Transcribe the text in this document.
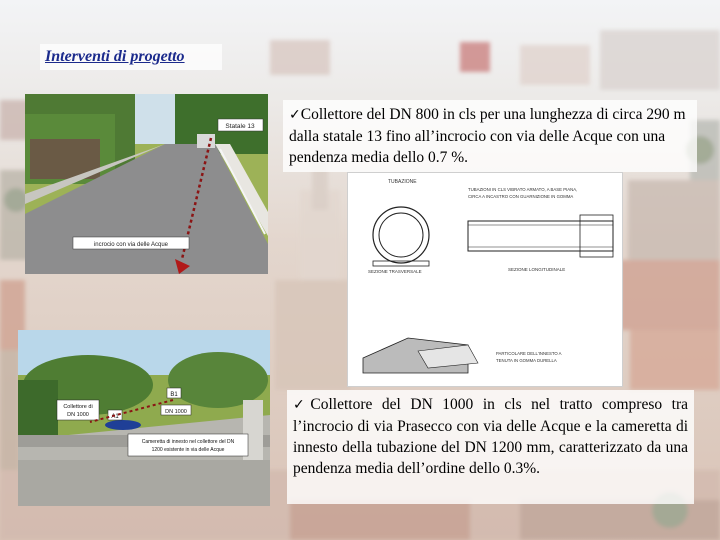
Interventi di progetto
Statale 13
incrocio con via delle Acque
Collettore di
DN 1000
B1
DN 1000
A1
Cameretta di innesto nel collettore del DN
1200 esistente in via delle Acque
TUBAZIONE
TUBAZIONI IN CLS VIBRATO ARMATO, A BASE PIANA,
CIRCA A INCASTRO CON GUARNIZIONE IN GOMMA
SEZIONE TRASVERSALE	SEZIONE LONGITUDINALE
PARTICOLARE DELL'INNESTO A
TENUTA IN GOMMA DURELLA
✓Collettore del DN 800 in cls per una lunghezza di circa 290 m dalla statale 13 fino all’incrocio con via delle Acque con una pendenza media dello 0.7 %.
✓Collettore del DN 1000 in cls nel tratto compreso tra l’incrocio di via Prasecco con via delle Acque e la cameretta di innesto della tubazione del DN 1200 mm, caratterizzato da una pendenza media dell’ordine dello 0.3%.
